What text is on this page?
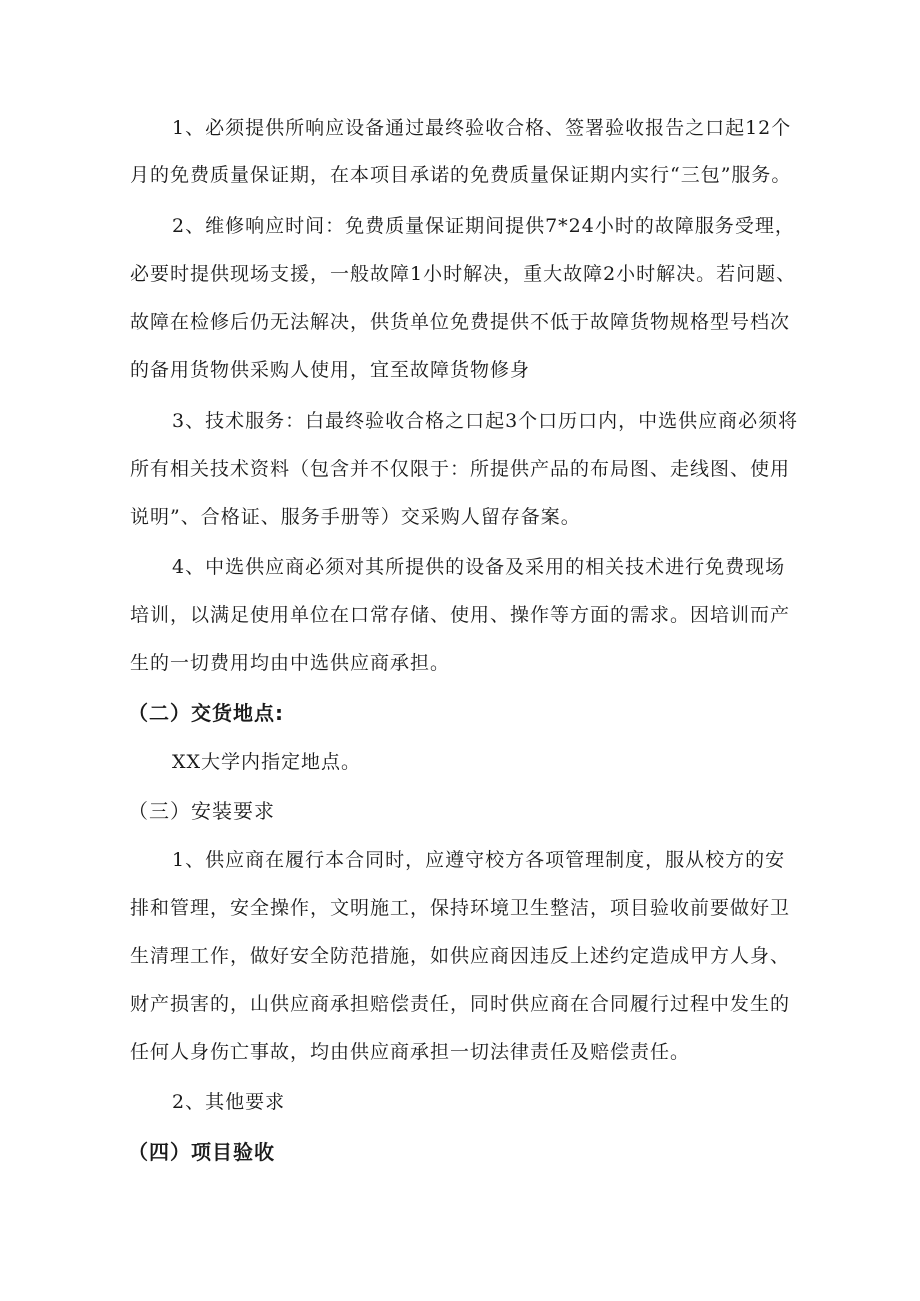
1、必须提供所响应设备通过最终验收合格、签署验收报告之口起12个
月的免费质量保证期，在本项目承诺的免费质量保证期内实行“三包”服务。
2、维修响应时间：免费质量保证期间提供7*24小时的故障服务受理，
必要时提供现场支援，一般故障1小时解决，重大故障2小时解决。若问题、
故障在检修后仍无法解决，供货单位免费提供不低于故障货物规格型号档次
的备用货物供采购人使用，宜至故障货物修身
3、技术服务：白最终验收合格之口起3个口历口内，中选供应商必须将
所有相关技术资料（包含并不仅限于：所提供产品的布局图、走线图、使用
说明”、合格证、服务手册等）交采购人留存备案。
4、中选供应商必须对其所提供的设备及采用的相关技术进行免费现场
培训，以满足使用单位在口常存储、使用、操作等方面的需求。因培训而产
生的一切费用均由中选供应商承担。
（二）交货地点:
XX大学内指定地点。
（三）安装要求
1、供应商在履行本合同时，应遵守校方各项管理制度，服从校方的安
排和管理，安全操作，文明施工，保持环境卫生整洁，项目验收前要做好卫
生清理工作，做好安全防范措施，如供应商因违反上述约定造成甲方人身、
财产损害的，山供应商承担赔偿责任，同时供应商在合同履行过程中发生的
任何人身伤亡事故，均由供应商承担一切法律责任及赔偿责任。
2、其他要求
（四）项目验收
